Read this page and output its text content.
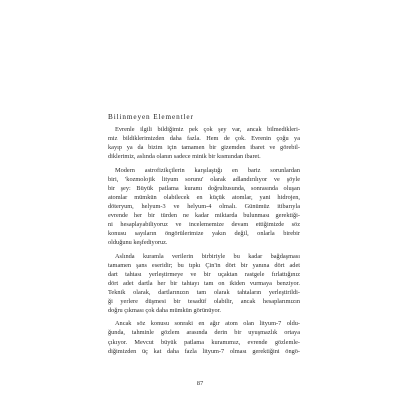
Bilinmeyen Elementler
Evrenle ilgili bildiğimiz pek çok şey var, ancak bilmedikleri-
miz bildiklerimizden daha fazla. Hem de çok. Evrenin çoğu ya
kayıp ya da bizim için tamamen bir gizemden ibaret ve görebil-
diklerimiz, aslında olanın sadece minik bir kısmından ibaret.
Modern astrofizikçilerin karşılaştığı en bariz sorunlardan
biri, 'kozmolojik lityum sorunu' olarak adlandırılıyor ve şöyle
bir şey: Büyük patlama kuramı doğrultusunda, sonrasında oluşan
atomlar mümkün olabilecek en küçük atomlar, yani hidrojen,
döteryum, helyum-3 ve helyum-4 olmalı. Günümüz itibarıyla
evrende her bir türden ne kadar miktarda bulunması gerektiği-
ni hesaplayabiliyoruz ve incelememize devam ettiğimizde söz
konusu sayıların öngörülerimize yakın değil, onlarla birebir
olduğunu keşfediyoruz.
Aslında kuramla verilerin birbiriyle bu kadar bağdaşması
tamamen şans eseridir; bu tıpkı Çin'in dört bir yanına dört adet
dart tahtası yerleştirmeye ve bir uçaktan rastgele fırlattığınız
dört adet dartla her bir tahtayı tam on ikiden vurmaya benziyor.
Teknik olarak, dartlarınızın tam olarak tahtaların yerleştirildi-
ği yerlere düşmesi bir tesadüf olabilir, ancak hesaplarımızın
doğru çıkması çok daha mümkün görünüyor.
Ancak söz konusu sonraki en ağır atom olan lityum-7 oldu-
ğunda, tahminle gözlem arasında derin bir uyuşmazlık ortaya
çıkıyor. Mevcut büyük patlama kuramımız, evrende gözlemle-
diğimizden üç kat daha fazla lityum-7 olması gerektiğini öngö-
87
